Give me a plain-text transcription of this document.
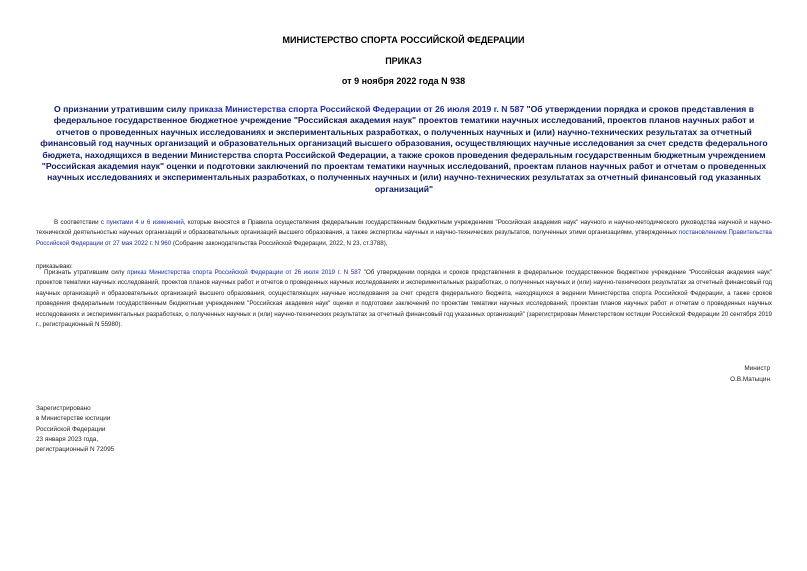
МИНИСТЕРСТВО СПОРТА РОССИЙСКОЙ ФЕДЕРАЦИИ
ПРИКАЗ
от 9 ноября 2022 года N 938
О признании утратившим силу приказа Министерства спорта Российской Федерации от 26 июля 2019 г. N 587 "Об утверждении порядка и сроков представления в федеральное государственное бюджетное учреждение "Российская академия наук" проектов тематики научных исследований, проектов планов научных работ и отчетов о проведенных научных исследованиях и экспериментальных разработках, о полученных научных и (или) научно-технических результатах за отчетный финансовый год научных организаций и образовательных организаций высшего образования, осуществляющих научные исследования за счет средств федерального бюджета, находящихся в ведении Министерства спорта Российской Федерации, а также сроков проведения федеральным государственным бюджетным учреждением "Российская академия наук" оценки и подготовки заключений по проектам тематики научных исследований, проектам планов научных работ и отчетам о проведенных научных исследованиях и экспериментальных разработках, о полученных научных и (или) научно-технических результатах за отчетный финансовый год указанных организаций"
В соответствии с пунктами 4 и 6 изменений, которые вносятся в Правила осуществления федеральным государственным бюджетным учреждением "Российская академия наук" научного и научно-методического руководства научной и научно-технической деятельностью научных организаций и образовательных организаций высшего образования, а также экспертизы научных и научно-технических результатов, полученных этими организациями, утвержденных постановлением Правительства Российской Федерации от 27 мая 2022 г. N 960 (Собрание законодательства Российской Федерации, 2022, N 23, ст.3788),
приказываю:
Признать утратившим силу приказ Министерства спорта Российской Федерации от 26 июля 2019 г. N 587 "Об утверждении порядка и сроков представления в федеральное государственное бюджетное учреждение "Российская академия наук" проектов тематики научных исследований, проектов планов научных работ и отчетов о проведенных научных исследованиях и экспериментальных разработках, о полученных научных и (или) научно-технических результатах за отчетный финансовый год научных организаций и образовательных организаций высшего образования, осуществляющих научные исследования за счет средств федерального бюджета, находящихся в ведении Министерства спорта Российской Федерации, а также сроков проведения федеральным государственным бюджетным учреждением "Российская академия наук" оценки и подготовки заключений по проектам тематики научных исследований, проектам планов научных работ и отчетам о проведенных научных исследованиях и экспериментальных разработках, о полученных научных и (или) научно-технических результатах за отчетный финансовый год указанных организаций" (зарегистрирован Министерством юстиции Российской Федерации 20 сентября 2019 г., регистрационный N 55980).
Министр
О.В.Матыцин
Зарегистрировано
в Министерстве юстиции
Российской Федерации
23 января 2023 года,
регистрационный N 72095
